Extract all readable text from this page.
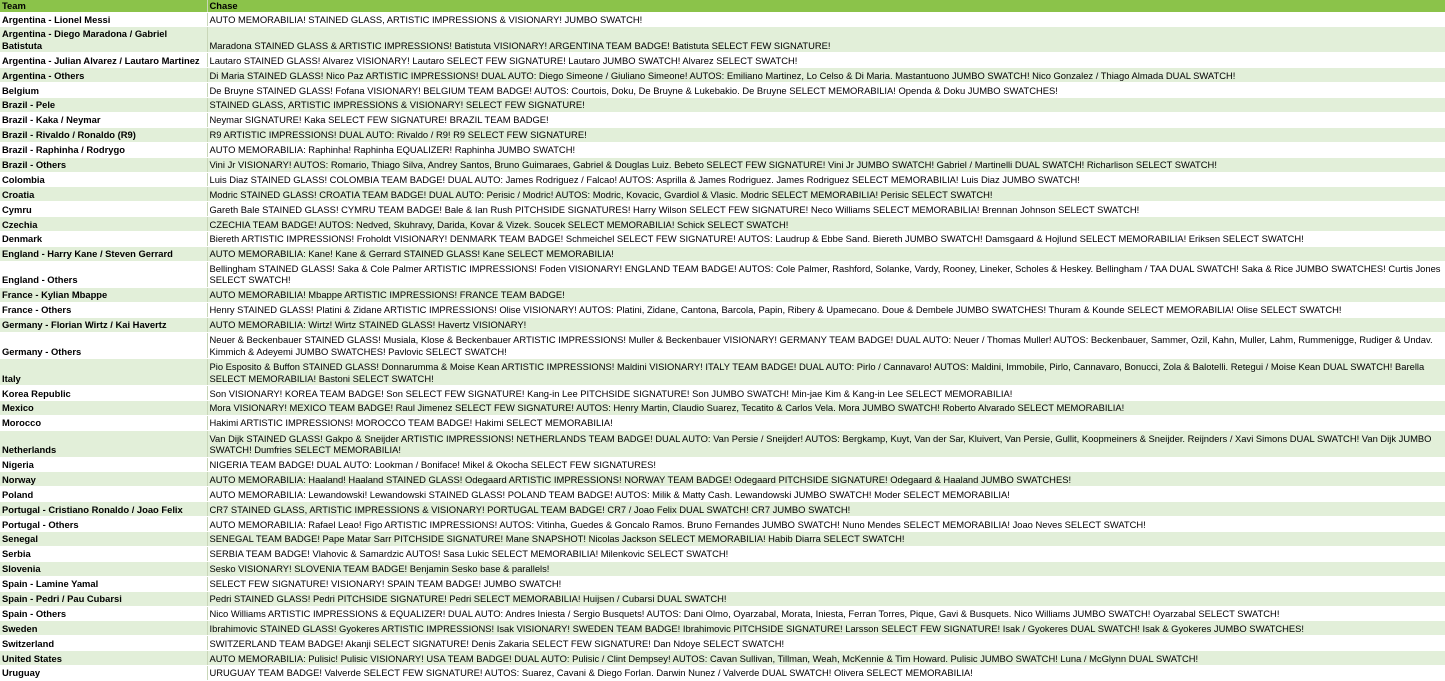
Team	Chase
Argentina - Lionel Messi	AUTO MEMORABILIA! STAINED GLASS, ARTISTIC IMPRESSIONS & VISIONARY! JUMBO SWATCH!
Argentina - Diego Maradona / Gabriel Batistuta	Maradona STAINED GLASS & ARTISTIC IMPRESSIONS! Batistuta VISIONARY! ARGENTINA TEAM BADGE! Batistuta SELECT FEW SIGNATURE!
Argentina - Julian Alvarez / Lautaro Martinez	Lautaro STAINED GLASS! Alvarez VISIONARY! Lautaro SELECT FEW SIGNATURE! Lautaro JUMBO SWATCH! Alvarez SELECT SWATCH!
Argentina - Others	Di Maria STAINED GLASS! Nico Paz ARTISTIC IMPRESSIONS! DUAL AUTO: Diego Simeone / Giuliano Simeone! AUTOS: Emiliano Martinez, Lo Celso & Di Maria. Mastantuono JUMBO SWATCH! Nico Gonzalez / Thiago Almada DUAL SWATCH!
Belgium	De Bruyne STAINED GLASS! Fofana VISIONARY! BELGIUM TEAM BADGE! AUTOS: Courtois, Doku, De Bruyne & Lukebakio. De Bruyne SELECT MEMORABILIA! Openda & Doku JUMBO SWATCHES!
Brazil - Pele	STAINED GLASS, ARTISTIC IMPRESSIONS & VISIONARY! SELECT FEW SIGNATURE!
Brazil - Kaka / Neymar	Neymar SIGNATURE! Kaka SELECT FEW SIGNATURE! BRAZIL TEAM BADGE!
Brazil - Rivaldo / Ronaldo (R9)	R9 ARTISTIC IMPRESSIONS! DUAL AUTO: Rivaldo / R9! R9 SELECT FEW SIGNATURE!
Brazil - Raphinha / Rodrygo	AUTO MEMORABILIA: Raphinha! Raphinha EQUALIZER! Raphinha JUMBO SWATCH!
Brazil - Others	Vini Jr VISIONARY! AUTOS: Romario, Thiago Silva, Andrey Santos, Bruno Guimaraes, Gabriel & Douglas Luiz. Bebeto SELECT FEW SIGNATURE! Vini Jr JUMBO SWATCH! Gabriel / Martinelli DUAL SWATCH! Richarlison SELECT SWATCH!
Colombia	Luis Diaz STAINED GLASS! COLOMBIA TEAM BADGE! DUAL AUTO: James Rodriguez / Falcao! AUTOS: Asprilla & James Rodriguez. James Rodriguez SELECT MEMORABILIA! Luis Diaz JUMBO SWATCH!
Croatia	Modric STAINED GLASS! CROATIA TEAM BADGE! DUAL AUTO: Perisic / Modric! AUTOS: Modric, Kovacic, Gvardiol & Vlasic. Modric SELECT MEMORABILIA! Perisic SELECT SWATCH!
Cymru	Gareth Bale STAINED GLASS! CYMRU TEAM BADGE! Bale & Ian Rush PITCHSIDE SIGNATURES! Harry Wilson SELECT FEW SIGNATURE! Neco Williams SELECT MEMORABILIA! Brennan Johnson SELECT SWATCH!
Czechia	CZECHIA TEAM BADGE! AUTOS: Nedved, Skuhravy, Darida, Kovar & Vizek. Soucek SELECT MEMORABILIA! Schick SELECT SWATCH!
Denmark	Biereth ARTISTIC IMPRESSIONS! Froholdt VISIONARY! DENMARK TEAM BADGE! Schmeichel SELECT FEW SIGNATURE! AUTOS: Laudrup & Ebbe Sand. Biereth JUMBO SWATCH! Damsgaard & Hojlund SELECT MEMORABILIA! Eriksen SELECT SWATCH!
England - Harry Kane / Steven Gerrard	AUTO MEMORABILIA: Kane! Kane & Gerrard STAINED GLASS! Kane SELECT MEMORABILIA!
England - Others	Bellingham STAINED GLASS! Saka & Cole Palmer ARTISTIC IMPRESSIONS! Foden VISIONARY! ENGLAND TEAM BADGE! AUTOS: Cole Palmer, Rashford, Solanke, Vardy, Rooney, Lineker, Scholes & Heskey. Bellingham / TAA DUAL SWATCH! Saka & Rice JUMBO SWATCHES! Curtis Jones SELECT SWATCH!
France - Kylian Mbappe	AUTO MEMORABILIA! Mbappe ARTISTIC IMPRESSIONS! FRANCE TEAM BADGE!
France - Others	Henry STAINED GLASS! Platini & Zidane ARTISTIC IMPRESSIONS! Olise VISIONARY! AUTOS: Platini, Zidane, Cantona, Barcola, Papin, Ribery & Upamecano. Doue & Dembele JUMBO SWATCHES! Thuram & Kounde SELECT MEMORABILIA! Olise SELECT SWATCH!
Germany - Florian Wirtz / Kai Havertz	AUTO MEMORABILIA: Wirtz! Wirtz STAINED GLASS! Havertz VISIONARY!
Germany - Others	Neuer & Beckenbauer STAINED GLASS! Musiala, Klose & Beckenbauer ARTISTIC IMPRESSIONS! Muller & Beckenbauer VISIONARY! GERMANY TEAM BADGE! DUAL AUTO: Neuer / Thomas Muller! AUTOS: Beckenbauer, Sammer, Ozil, Kahn, Muller, Lahm, Rummenigge, Rudiger & Undav. Kimmich & Adeyemi JUMBO SWATCHES! Pavlovic SELECT SWATCH!
Italy	Pio Esposito & Buffon STAINED GLASS! Donnarumma & Moise Kean ARTISTIC IMPRESSIONS! Maldini VISIONARY! ITALY TEAM BADGE! DUAL AUTO: Pirlo / Cannavaro! AUTOS: Maldini, Immobile, Pirlo, Cannavaro, Bonucci, Zola & Balotelli. Retegui / Moise Kean DUAL SWATCH! Barella SELECT MEMORABILIA! Bastoni SELECT SWATCH!
Korea Republic	Son VISIONARY! KOREA TEAM BADGE! Son SELECT FEW SIGNATURE! Kang-in Lee PITCHSIDE SIGNATURE! Son JUMBO SWATCH! Min-jae Kim & Kang-in Lee SELECT MEMORABILIA!
Mexico	Mora VISIONARY! MEXICO TEAM BADGE! Raul Jimenez SELECT FEW SIGNATURE! AUTOS: Henry Martin, Claudio Suarez, Tecatito & Carlos Vela. Mora JUMBO SWATCH! Roberto Alvarado SELECT MEMORABILIA!
Morocco	Hakimi ARTISTIC IMPRESSIONS! MOROCCO TEAM BADGE! Hakimi SELECT MEMORABILIA!
Netherlands	Van Dijk STAINED GLASS! Gakpo & Sneijder ARTISTIC IMPRESSIONS! NETHERLANDS TEAM BADGE! DUAL AUTO: Van Persie / Sneijder! AUTOS: Bergkamp, Kuyt, Van der Sar, Kluivert, Van Persie, Gullit, Koopmeiners & Sneijder. Reijnders / Xavi Simons DUAL SWATCH! Van Dijk JUMBO SWATCH! Dumfries SELECT MEMORABILIA!
Nigeria	NIGERIA TEAM BADGE! DUAL AUTO: Lookman / Boniface! Mikel & Okocha SELECT FEW SIGNATURES!
Norway	AUTO MEMORABILIA: Haaland! Haaland STAINED GLASS! Odegaard ARTISTIC IMPRESSIONS! NORWAY TEAM BADGE! Odegaard PITCHSIDE SIGNATURE! Odegaard & Haaland JUMBO SWATCHES!
Poland	AUTO MEMORABILIA: Lewandowski! Lewandowski STAINED GLASS! POLAND TEAM BADGE! AUTOS: Milik & Matty Cash. Lewandowski JUMBO SWATCH! Moder SELECT MEMORABILIA!
Portugal - Cristiano Ronaldo / Joao Felix	CR7 STAINED GLASS, ARTISTIC IMPRESSIONS & VISIONARY! PORTUGAL TEAM BADGE! CR7 / Joao Felix DUAL SWATCH! CR7 JUMBO SWATCH!
Portugal - Others	AUTO MEMORABILIA: Rafael Leao! Figo ARTISTIC IMPRESSIONS! AUTOS: Vitinha, Guedes & Goncalo Ramos. Bruno Fernandes JUMBO SWATCH! Nuno Mendes SELECT MEMORABILIA! Joao Neves SELECT SWATCH!
Senegal	SENEGAL TEAM BADGE! Pape Matar Sarr PITCHSIDE SIGNATURE! Mane SNAPSHOT! Nicolas Jackson SELECT MEMORABILIA! Habib Diarra SELECT SWATCH!
Serbia	SERBIA TEAM BADGE! Vlahovic & Samardzic AUTOS! Sasa Lukic SELECT MEMORABILIA! Milenkovic SELECT SWATCH!
Slovenia	Sesko VISIONARY! SLOVENIA TEAM BADGE! Benjamin Sesko base & parallels!
Spain - Lamine Yamal	SELECT FEW SIGNATURE! VISIONARY! SPAIN TEAM BADGE! JUMBO SWATCH!
Spain - Pedri / Pau Cubarsi	Pedri STAINED GLASS! Pedri PITCHSIDE SIGNATURE! Pedri SELECT MEMORABILIA! Huijsen / Cubarsi DUAL SWATCH!
Spain - Others	Nico Williams ARTISTIC IMPRESSIONS & EQUALIZER! DUAL AUTO: Andres Iniesta / Sergio Busquets! AUTOS: Dani Olmo, Oyarzabal, Morata, Iniesta, Ferran Torres, Pique, Gavi & Busquets. Nico Williams JUMBO SWATCH! Oyarzabal SELECT SWATCH!
Sweden	Ibrahimovic STAINED GLASS! Gyokeres ARTISTIC IMPRESSIONS! Isak VISIONARY! SWEDEN TEAM BADGE! Ibrahimovic PITCHSIDE SIGNATURE! Larsson SELECT FEW SIGNATURE! Isak / Gyokeres DUAL SWATCH! Isak & Gyokeres JUMBO SWATCHES!
Switzerland	SWITZERLAND TEAM BADGE! Akanji SELECT SIGNATURE! Denis Zakaria SELECT FEW SIGNATURE! Dan Ndoye SELECT SWATCH!
United States	AUTO MEMORABILIA: Pulisic! Pulisic VISIONARY! USA TEAM BADGE! DUAL AUTO: Pulisic / Clint Dempsey! AUTOS: Cavan Sullivan, Tillman, Weah, McKennie & Tim Howard. Pulisic JUMBO SWATCH! Luna / McGlynn DUAL SWATCH!
Uruguay	URUGUAY TEAM BADGE! Valverde SELECT FEW SIGNATURE! AUTOS: Suarez, Cavani & Diego Forlan. Darwin Nunez / Valverde DUAL SWATCH! Olivera SELECT MEMORABILIA!
